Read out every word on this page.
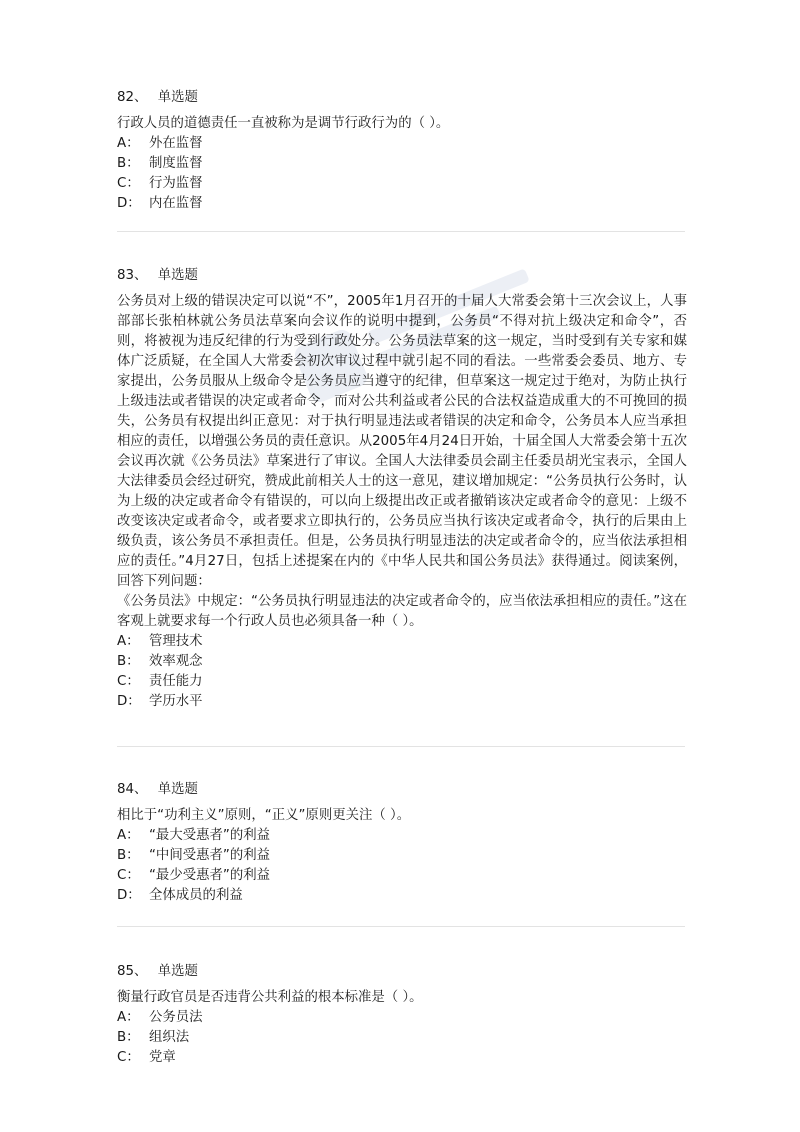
82、 单选题

行政人员的道德责任一直被称为是调节行政行为的（ ）。

A： 外在监督

B： 制度监督

C： 行为监督

D： 内在监督

83、 单选题

公务员对上级的错误决定可以说“不”，2005年1月召开的十届人大常委会第十三次会议上，人事部部长张柏林就公务员法草案向会议作的说明中提到，公务员“不得对抗上级决定和命令”，否则，将被视为违反纪律的行为受到行政处分。公务员法草案的这一规定，当时受到有关专家和媒体广泛质疑，在全国人大常委会初次审议过程中就引起不同的看法。一些常委会委员、地方、专家提出，公务员服从上级命令是公务员应当遵守的纪律，但草案这一规定过于绝对，为防止执行上级违法或者错误的决定或者命令，而对公共利益或者公民的合法权益造成重大的不可挽回的损失，公务员有权提出纠正意见：对于执行明显违法或者错误的决定和命令，公务员本人应当承担相应的责任，以增强公务员的责任意识。从2005年4月24日开始，十届全国人大常委会第十五次会议再次就《公务员法》草案进行了审议。全国人大法律委员会副主任委员胡光宝表示，全国人大法律委员会经过研究，赞成此前相关人士的这一意见，建议增加规定：“公务员执行公务时，认为上级的决定或者命令有错误的，可以向上级提出改正或者撤销该决定或者命令的意见：上级不改变该决定或者命令，或者要求立即执行的，公务员应当执行该决定或者命令，执行的后果由上级负责，该公务员不承担责任。但是，公务员执行明显违法的决定或者命令的，应当依法承担相应的责任。”4月27日，包括上述提案在内的《中华人民共和国公务员法》获得通过。阅读案例，回答下列问题：

《公务员法》中规定：“公务员执行明显违法的决定或者命令的，应当依法承担相应的责任。”这在客观上就要求每一个行政人员也必须具备一种（ ）。

A： 管理技术

B： 效率观念

C： 责任能力

D： 学历水平

84、 单选题

相比于“功利主义”原则，“正义”原则更关注（ ）。

A： “最大受惠者”的利益

B： “中间受惠者”的利益

C： “最少受惠者”的利益

D： 全体成员的利益

85、 单选题

衡量行政官员是否违背公共利益的根本标准是（ ）。

A： 公务员法

B： 组织法

C： 党章
